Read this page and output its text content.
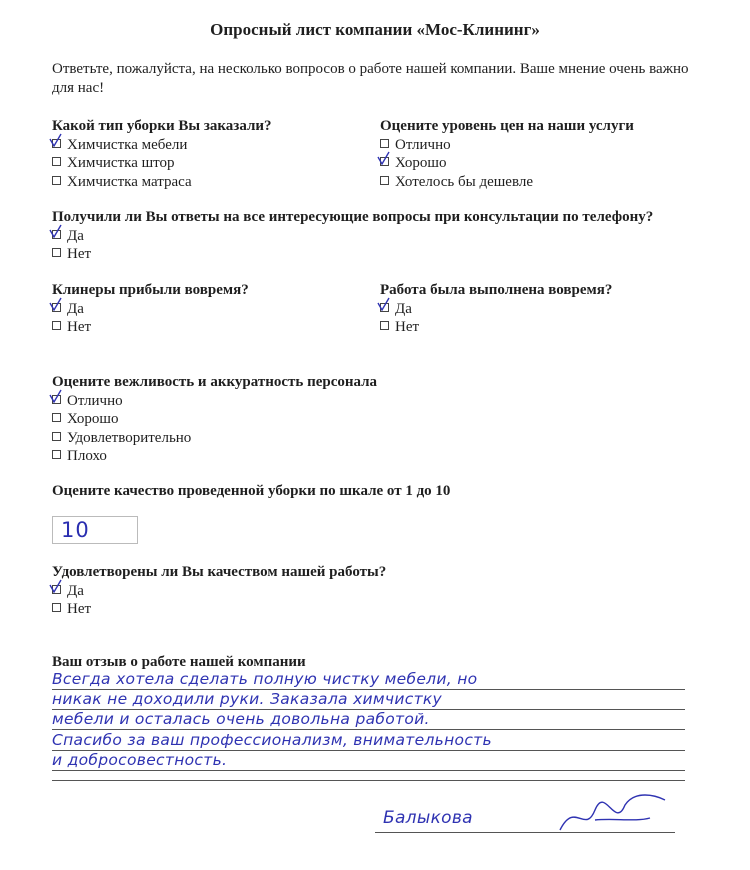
Опросный лист компании «Мос-Клининг»
Ответьте, пожалуйста, на несколько вопросов о работе нашей компании. Ваше мнение очень важно для нас!
Какой тип уборки Вы заказали?
Химчистка мебели
Химчистка штор
Химчистка матраса
Оцените уровень цен на наши услуги
Отлично
Хорошо
Хотелось бы дешевле
Получили ли Вы ответы на все интересующие вопросы при консультации по телефону?
Да
Нет
Клинеры прибыли вовремя?
Да
Нет
Работа была выполнена вовремя?
Да
Нет
Оцените вежливость и аккуратность персонала
Отлично
Хорошо
Удовлетворительно
Плохо
Оцените качество проведенной уборки по шкале от 1 до 10
10
Удовлетворены ли Вы качеством нашей работы?
Да
Нет
Ваш отзыв о работе нашей компании
Всегда хотела сделать полную чистку мебели, но
никак не доходили руки. Заказала химчистку
мебели и осталась очень довольна работой.
Спасибо за ваш профессионализм, внимательность
и добросовестность.
Балыкова
